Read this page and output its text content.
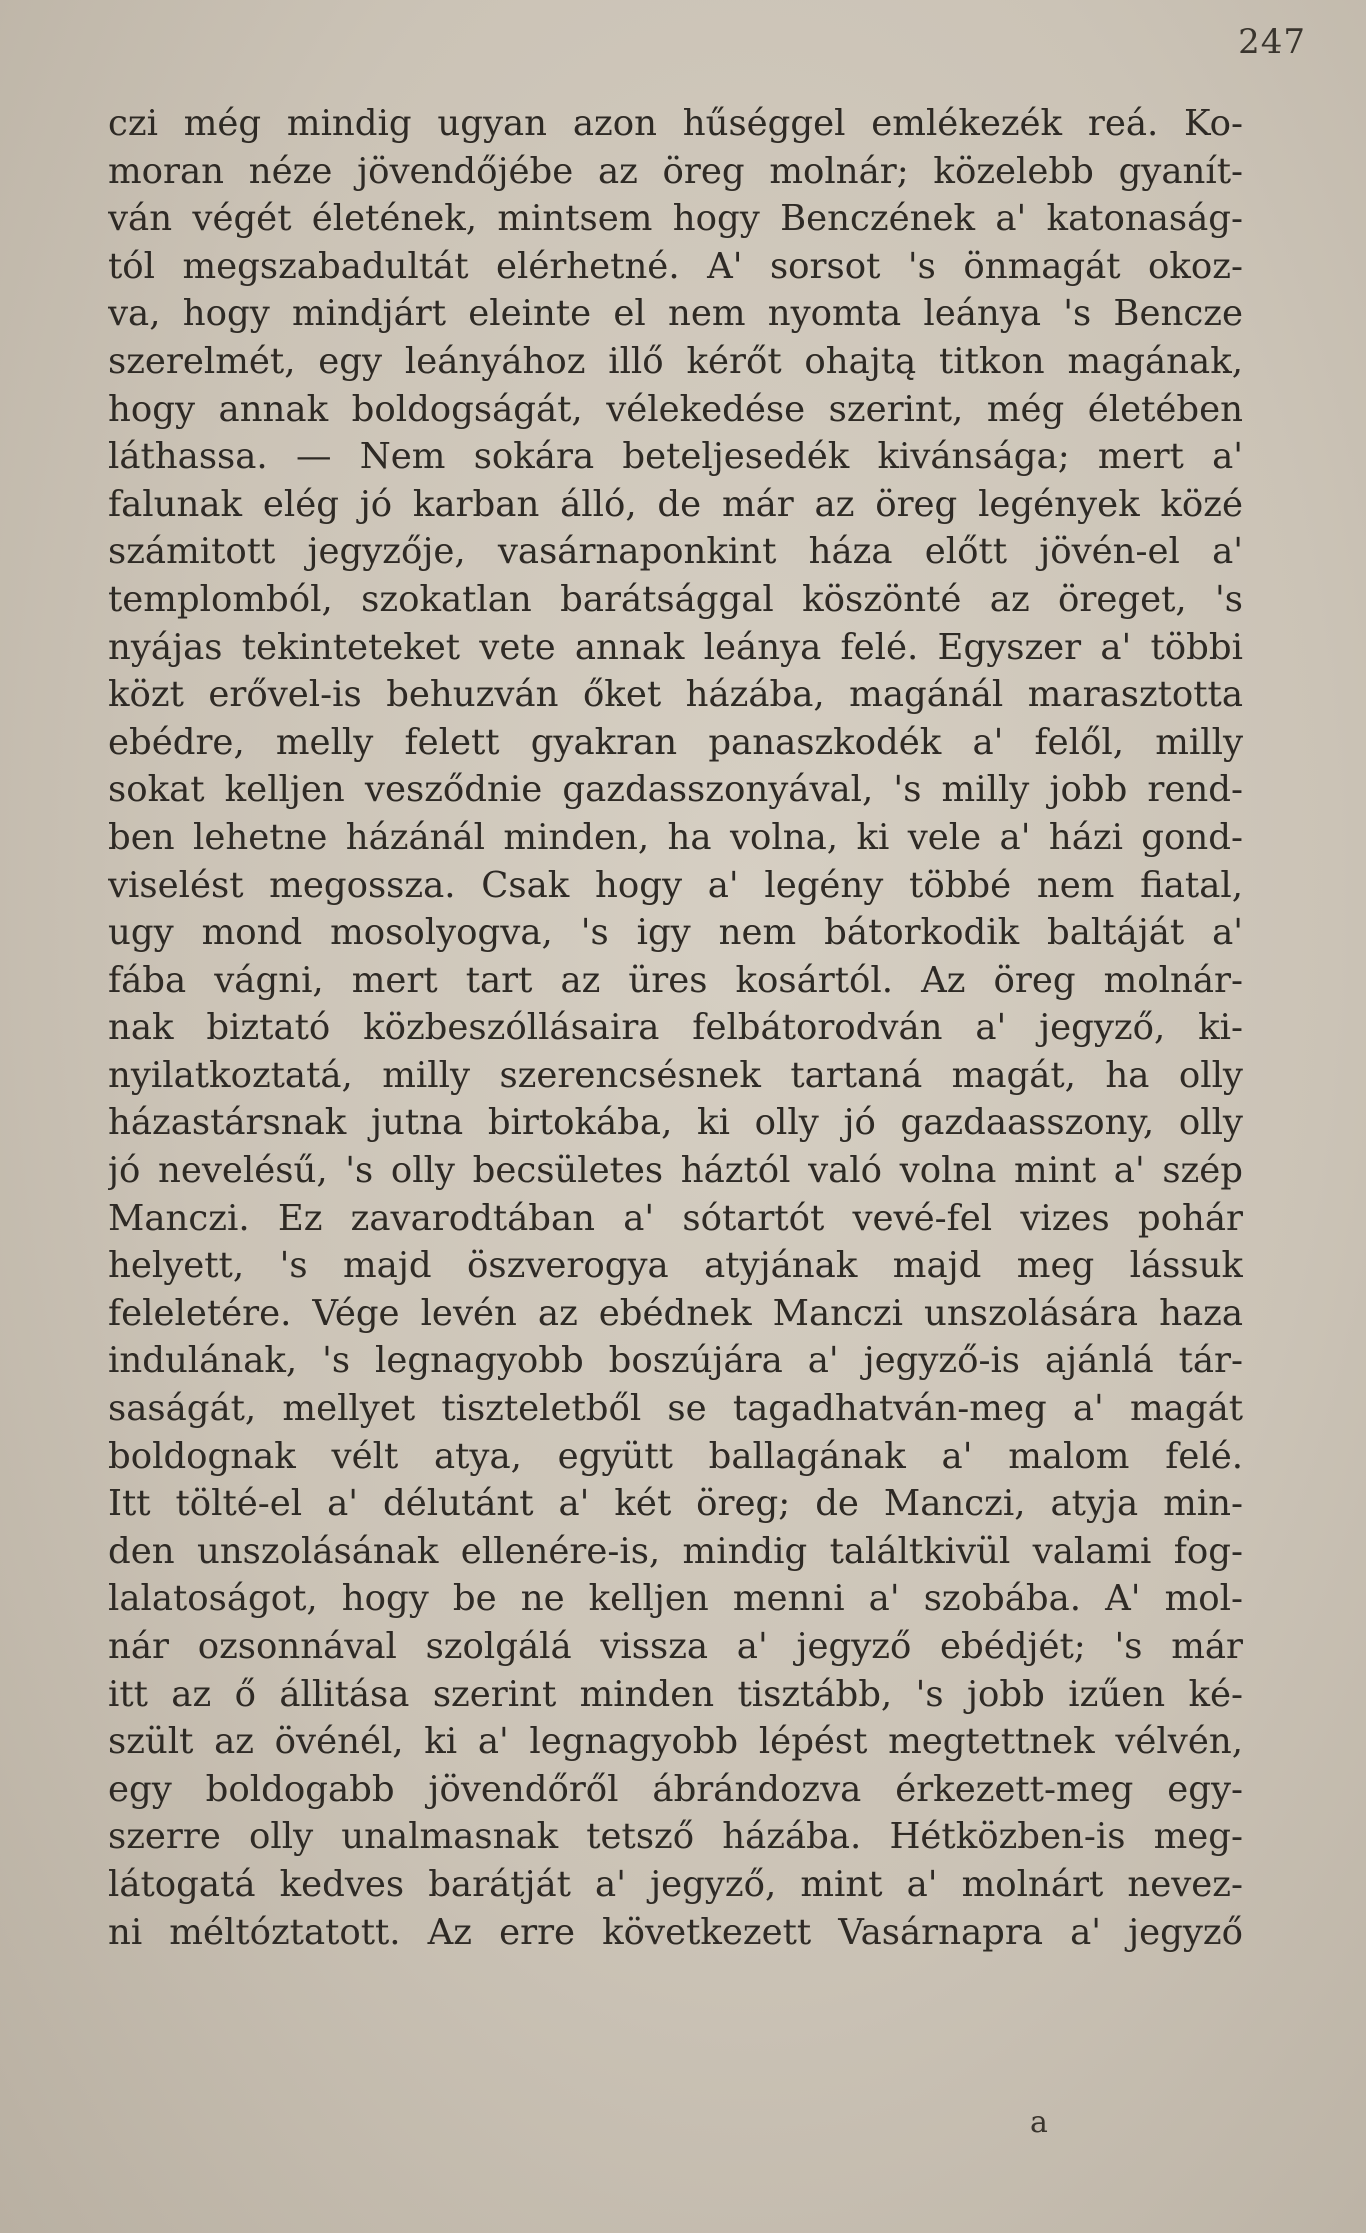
247
czi még mindig ugyan azon hűséggel emlékezék reá. Ko-
moran néze jövendőjébe az öreg molnár; közelebb gyanít-
ván végét életének, mintsem hogy Benczének a' katonaság-
tól megszabadultát elérhetné. A' sorsot 's önmagát okoz-
va, hogy mindjárt eleinte el nem nyomta leánya 's Bencze
szerelmét, egy leányához illő kérőt ohajtą titkon magának,
hogy annak boldogságát, vélekedése szerint, még életében
láthassa. — Nem sokára beteljesedék kivánsága; mert a'
falunak elég jó karban álló, de már az öreg legények közé
számitott jegyzője, vasárnaponkint háza előtt jövén-el a'
templomból, szokatlan barátsággal köszönté az öreget, 's
nyájas tekinteteket vete annak leánya felé. Egyszer a' többi
közt erővel-is behuzván őket házába, magánál marasztotta
ebédre, melly felett gyakran panaszkodék a' felől, milly
sokat kelljen vesződnie gazdasszonyával, 's milly jobb rend-
ben lehetne házánál minden, ha volna, ki vele a' házi gond-
viselést megossza. Csak hogy a' legény többé nem fiatal,
ugy mond mosolyogva, 's igy nem bátorkodik baltáját a'
fába vágni, mert tart az üres kosártól. Az öreg molnár-
nak biztató közbeszóllásaira felbátorodván a' jegyző, ki-
nyilatkoztatá, milly szerencsésnek tartaná magát, ha olly
házastársnak jutna birtokába, ki olly jó gazdaasszony, olly
jó nevelésű, 's olly becsületes háztól való volna mint a' szép
Manczi. Ez zavarodtában a' sótartót vevé-fel vizes pohár
helyett, 's majd öszverogya atyjának majd meg lássuk
feleletére. Vége levén az ebédnek Manczi unszolására haza
indulának, 's legnagyobb boszújára a' jegyző-is ajánlá tár-
saságát, mellyet tiszteletből se tagadhatván-meg a' magát
boldognak vélt atya, együtt ballagának a' malom felé.
Itt tölté-el a' délutánt a' két öreg; de Manczi, atyja min-
den unszolásának ellenére-is, mindig találtkivül valami fog-
lalatoságot, hogy be ne kelljen menni a' szobába. A' mol-
nár ozsonnával szolgálá vissza a' jegyző ebédjét; 's már
itt az ő állitása szerint minden tisztább, 's jobb izűen ké-
szült az övénél, ki a' legnagyobb lépést megtettnek vélvén,
egy boldogabb jövendőről ábrándozva érkezett-meg egy-
szerre olly unalmasnak tetsző házába. Hétközben-is meg-
látogatá kedves barátját a' jegyző, mint a' molnárt nevez-
ni méltóztatott. Az erre következett Vasárnapra a' jegyző
a
